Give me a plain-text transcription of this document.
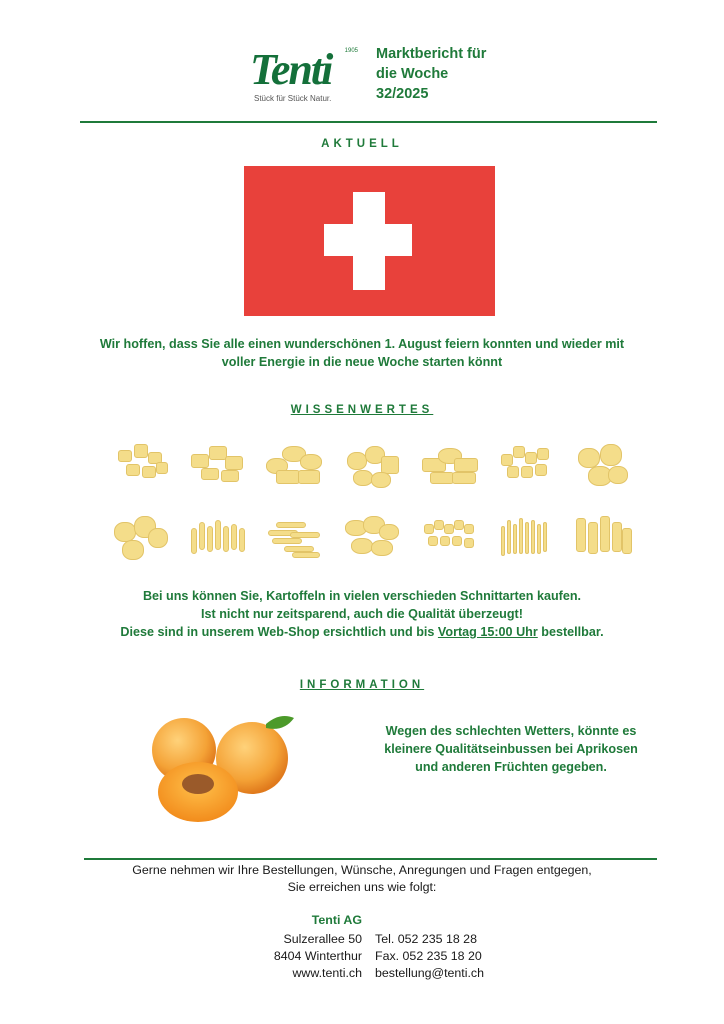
1905
Tenti
Stück für Stück Natur.
Marktbericht für
die Woche
32/2025
AKTUELL
Wir hoffen, dass Sie alle einen wunderschönen 1. August feiern konnten und wieder mit
voller Energie in die neue Woche starten könnt
WISSENWERTES
Bei uns können Sie, Kartoffeln in vielen verschieden Schnittarten kaufen.
Ist nicht nur zeitsparend, auch die Qualität überzeugt!
Diese sind in unserem Web-Shop ersichtlich und bis Vortag 15:00 Uhr bestellbar.
INFORMATION
Wegen des schlechten Wetters, könnte es
kleinere Qualitätseinbussen bei Aprikosen
und anderen Früchten gegeben.
Gerne nehmen wir Ihre Bestellungen, Wünsche, Anregungen und Fragen entgegen,
Sie erreichen uns wie folgt:
Tenti AG
Sulzerallee 50
8404 Winterthur
www.tenti.ch
Tel. 052 235 18 28
Fax. 052 235 18 20
bestellung@tenti.ch
